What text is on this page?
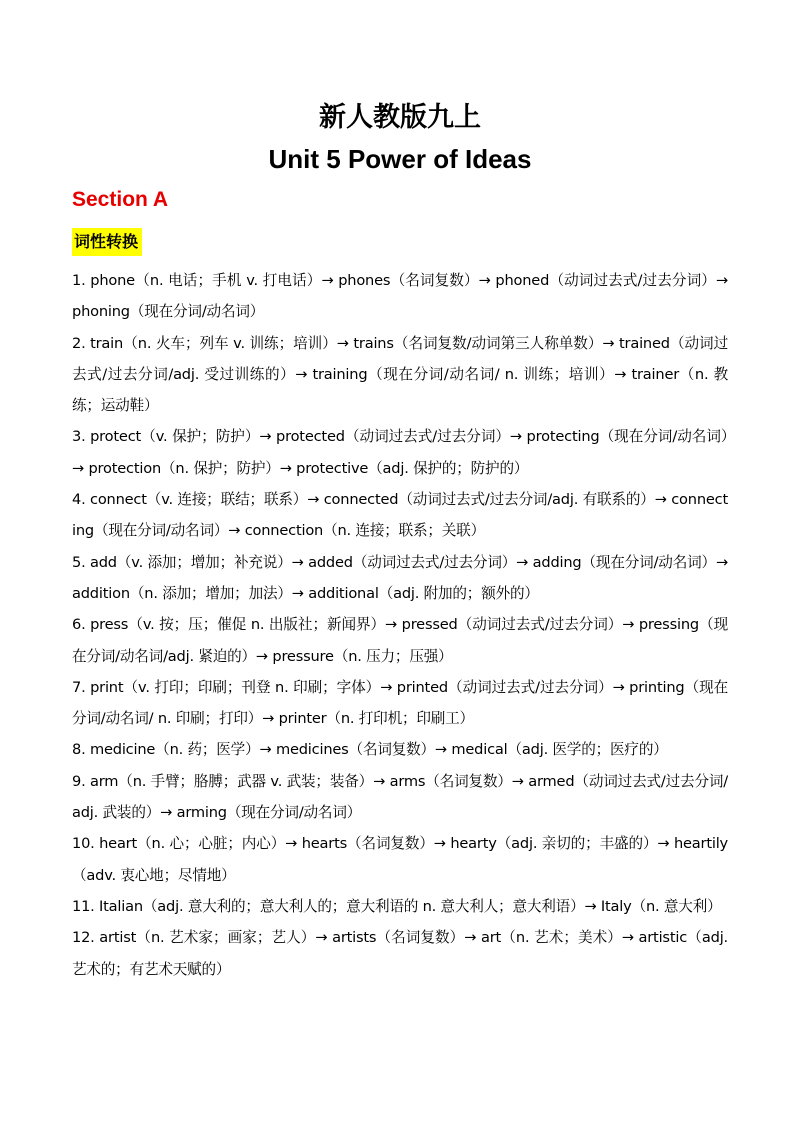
新人教版九上
Unit 5 Power of Ideas
Section A
词性转换
1. phone（n. 电话；手机 v. 打电话）→ phones（名词复数）→ phoned（动词过去式/过去分词）→ phoning（现在分词/动名词）
2. train（n. 火车；列车 v. 训练；培训）→ trains（名词复数/动词第三人称单数）→ trained（动词过去式/过去分词/adj. 受过训练的）→ training（现在分词/动名词/ n. 训练；培训）→ trainer（n. 教练；运动鞋）
3. protect（v. 保护；防护）→ protected（动词过去式/过去分词）→ protecting（现在分词/动名词）→ protection（n. 保护；防护）→ protective（adj. 保护的；防护的）
4. connect（v. 连接；联结；联系）→ connected（动词过去式/过去分词/adj. 有联系的）→ connecting（现在分词/动名词）→ connection（n. 连接；联系；关联）
5. add（v. 添加；增加；补充说）→ added（动词过去式/过去分词）→ adding（现在分词/动名词）→ addition（n. 添加；增加；加法）→ additional（adj. 附加的；额外的）
6. press（v. 按；压；催促 n. 出版社；新闻界）→ pressed（动词过去式/过去分词）→ pressing（现在分词/动名词/adj. 紧迫的）→ pressure（n. 压力；压强）
7. print（v. 打印；印刷；刊登 n. 印刷；字体）→ printed（动词过去式/过去分词）→ printing（现在分词/动名词/ n. 印刷；打印）→ printer（n. 打印机；印刷工）
8. medicine（n. 药；医学）→ medicines（名词复数）→ medical（adj. 医学的；医疗的）
9. arm（n. 手臂；胳膊；武器 v. 武装；装备）→ arms（名词复数）→ armed（动词过去式/过去分词/adj. 武装的）→ arming（现在分词/动名词）
10. heart（n. 心；心脏；内心）→ hearts（名词复数）→ hearty（adj. 亲切的；丰盛的）→ heartily（adv. 衷心地；尽情地）
11. Italian（adj. 意大利的；意大利人的；意大利语的 n. 意大利人；意大利语）→ Italy（n. 意大利）
12. artist（n. 艺术家；画家；艺人）→ artists（名词复数）→ art（n. 艺术；美术）→ artistic（adj. 艺术的；有艺术天赋的）
